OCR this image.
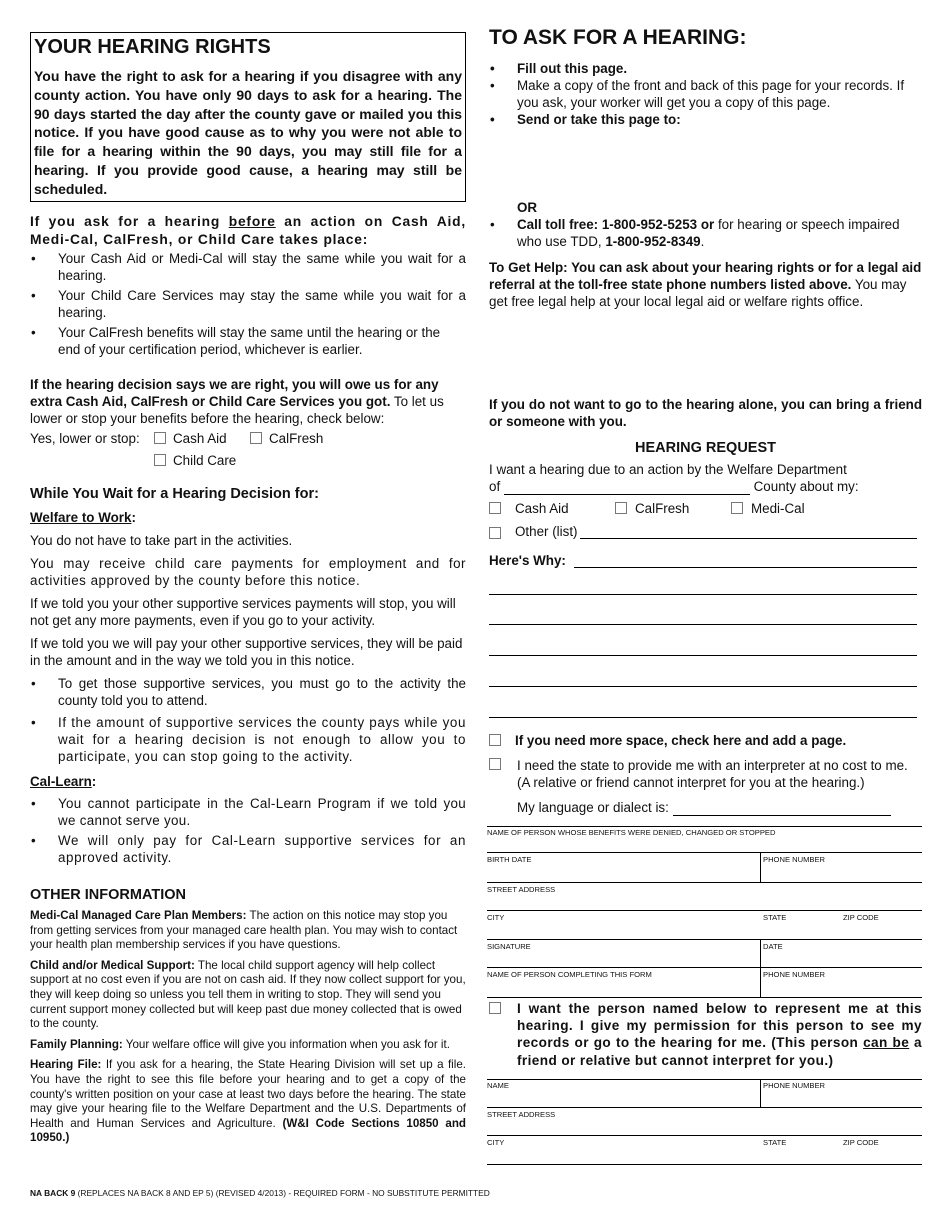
YOUR HEARING RIGHTS

You have the right to ask for a hearing if you disagree with any county action. You have only 90 days to ask for a hearing. The 90 days started the day after the county gave or mailed you this notice. If you have good cause as to why you were not able to file for a hearing within the 90 days, you may still file for a hearing. If you provide good cause, a hearing may still be scheduled.

If you ask for a hearing before an action on Cash Aid, Medi-Cal, CalFresh, or Child Care takes place:

• Your Cash Aid or Medi-Cal will stay the same while you wait for a hearing.
• Your Child Care Services may stay the same while you wait for a hearing.
• Your CalFresh benefits will stay the same until the hearing or the end of your certification period, whichever is earlier.

If the hearing decision says we are right, you will owe us for any extra Cash Aid, CalFresh or Child Care Services you got. To let us lower or stop your benefits before the hearing, check below:

Yes, lower or stop:	Cash Aid	CalFresh
Child Care

While You Wait for a Hearing Decision for:

Welfare to Work:

You do not have to take part in the activities.

You may receive child care payments for employment and for activities approved by the county before this notice.

If we told you your other supportive services payments will stop, you will not get any more payments, even if you go to your activity.

If we told you we will pay your other supportive services, they will be paid in the amount and in the way we told you in this notice.

• To get those supportive services, you must go to the activity the county told you to attend.
• If the amount of supportive services the county pays while you wait for a hearing decision is not enough to allow you to participate, you can stop going to the activity.

Cal-Learn:

• You cannot participate in the Cal-Learn Program if we told you we cannot serve you.
• We will only pay for Cal-Learn supportive services for an approved activity.

OTHER INFORMATION

Medi-Cal Managed Care Plan Members: The action on this notice may stop you from getting services from your managed care health plan. You may wish to contact your health plan membership services if you have questions.

Child and/or Medical Support: The local child support agency will help collect support at no cost even if you are not on cash aid. If they now collect support for you, they will keep doing so unless you tell them in writing to stop. They will send you current support money collected but will keep past due money collected that is owed to the county.

Family Planning: Your welfare office will give you information when you ask for it.

Hearing File: If you ask for a hearing, the State Hearing Division will set up a file. You have the right to see this file before your hearing and to get a copy of the county's written position on your case at least two days before the hearing. The state may give your hearing file to the Welfare Department and the U.S. Departments of Health and Human Services and Agriculture. (W&I Code Sections 10850 and 10950.)

TO ASK FOR A HEARING:
• Fill out this page.
• Make a copy of the front and back of this page for your records. If you ask, your worker will get you a copy of this page.
• Send or take this page to:
OR
• Call toll free: 1-800-952-5253 or for hearing or speech impaired who use TDD, 1-800-952-8349.

To Get Help: You can ask about your hearing rights or for a legal aid referral at the toll-free state phone numbers listed above. You may get free legal help at your local legal aid or welfare rights office.

If you do not want to go to the hearing alone, you can bring a friend or someone with you.

HEARING REQUEST

I want a hearing due to an action by the Welfare Department

of	County about my:

Cash Aid	CalFresh	Medi-Cal
Other (list)
Here's Why:
If you need more space, check here and add a page.

I need the state to provide me with an interpreter at no cost to me. (A relative or friend cannot interpret for you at the hearing.)

My language or dialect is:

NAME OF PERSON WHOSE BENEFITS WERE DENIED, CHANGED OR STOPPED
BIRTH DATE	PHONE NUMBER
STREET ADDRESS
CITY	STATE	ZIP CODE
SIGNATURE	DATE
NAME OF PERSON COMPLETING THIS FORM	PHONE NUMBER

I want the person named below to represent me at this hearing. I give my permission for this person to see my records or go to the hearing for me. (This person can be a friend or relative but cannot interpret for you.)

NAME	PHONE NUMBER
STREET ADDRESS
CITY	STATE	ZIP CODE
NA BACK 9 (REPLACES NA BACK 8 AND EP 5) (REVISED 4/2013) - REQUIRED FORM - NO SUBSTITUTE PERMITTED
